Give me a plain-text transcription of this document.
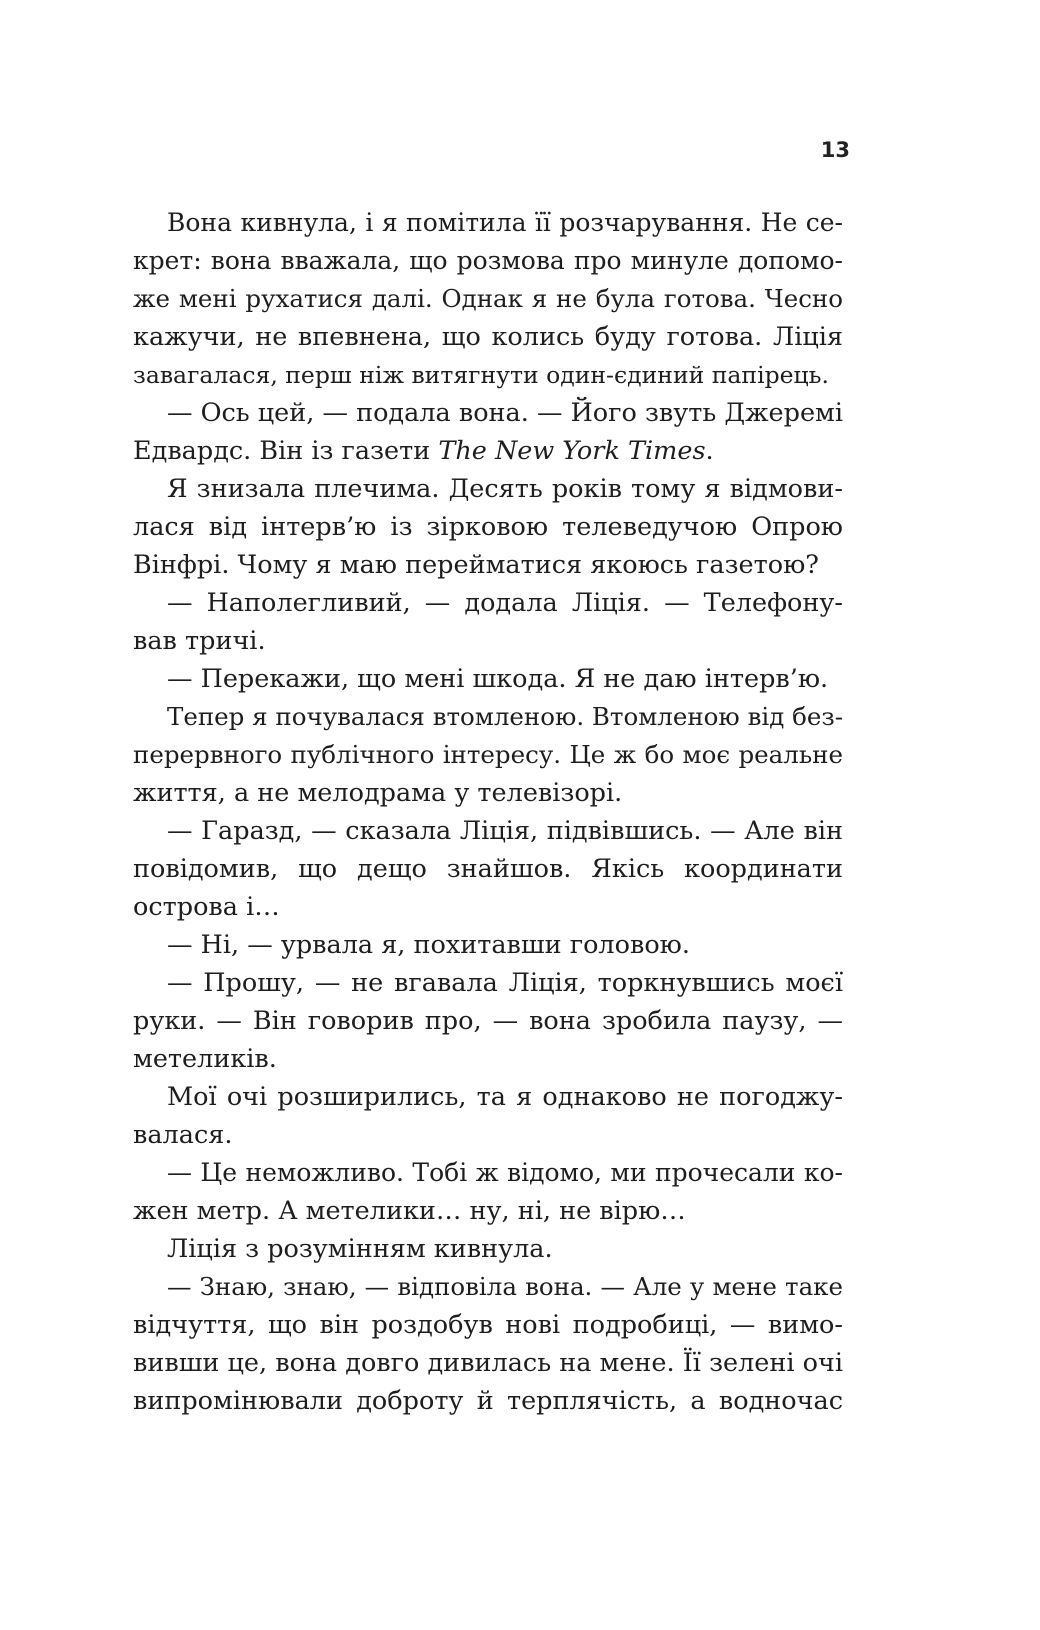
13
Вона кивнула, і я помітила її розчарування. Не се-
крет: вона вважала, що розмова про минуле допомо-
же мені рухатися далі. Однак я не була готова. Чесно
кажучи, не впевнена, що колись буду готова. Ліція
завагалася, перш ніж витягнути один-єдиний папірець.
— Ось цей, — подала вона. — Його звуть Джеремі
Едвардс. Він із газети The New York Times.
Я знизала плечима. Десять років тому я відмови-
лася від інтерв’ю із зірковою телеведучою Опрою
Вінфрі. Чому я маю перейматися якоюсь газетою?
— Наполегливий, — додала Ліція. — Телефону-
вав тричі.
— Перекажи, що мені шкода. Я не даю інтерв’ю.
Тепер я почувалася втомленою. Втомленою від без-
перервного публічного інтересу. Це ж бо моє реальне
життя, а не мелодрама у телевізорі.
— Гаразд, — сказала Ліція, підвівшись. — Але він
повідомив, що дещо знайшов. Якісь координати
острова і…
— Ні, — урвала я, похитавши головою.
— Прошу, — не вгавала Ліція, торкнувшись моєї
руки. — Він говорив про, — вона зробила паузу, —
метеликів.
Мої очі розширились, та я однаково не погоджу-
валася.
— Це неможливо. Тобі ж відомо, ми прочесали ко-
жен метр. А метелики… ну, ні, не вірю…
Ліція з розумінням кивнула.
— Знаю, знаю, — відповіла вона. — Але у мене таке
відчуття, що він роздобув нові подробиці, — вимо-
вивши це, вона довго дивилась на мене. Її зелені очі
випромінювали доброту й терплячість, а водночас
